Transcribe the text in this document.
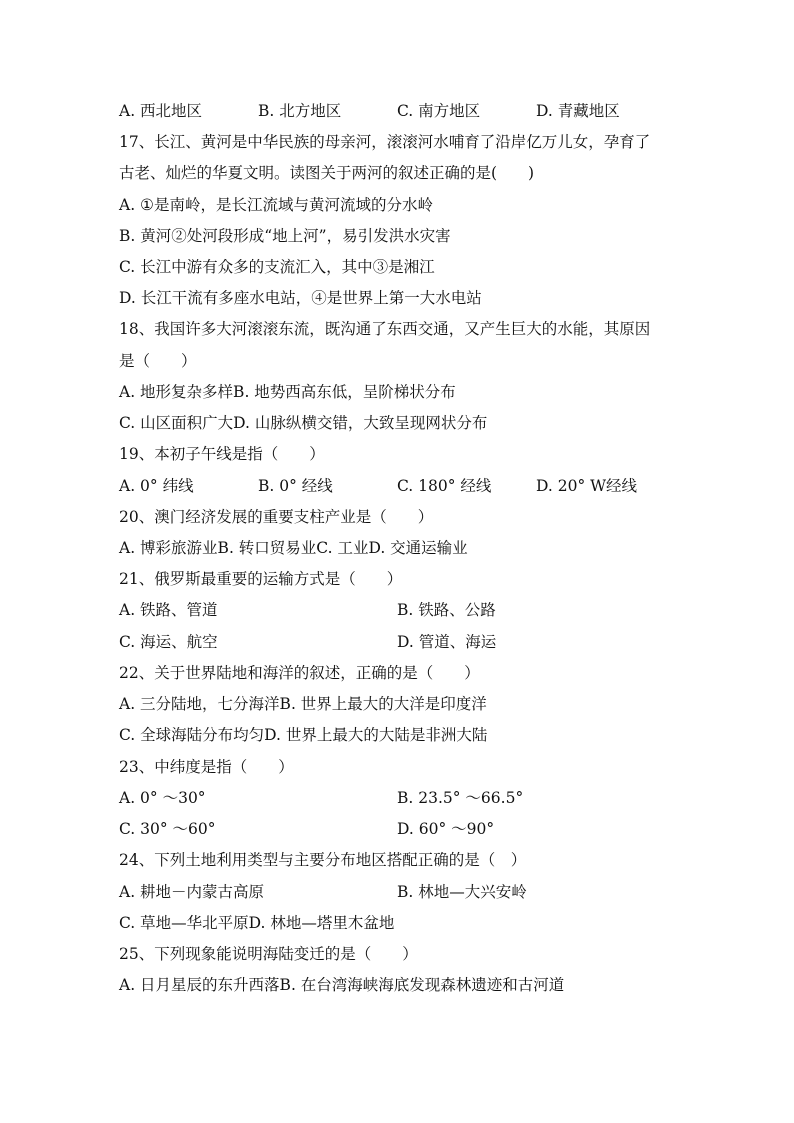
A. 西北地区	B. 北方地区	C. 南方地区	D. 青藏地区
17、长江、黄河是中华民族的母亲河，滚滚河水哺育了沿岸亿万儿女，孕育了
古老、灿烂的华夏文明。读图关于两河的叙述正确的是(　　)
A. ①是南岭，是长江流域与黄河流域的分水岭
B. 黄河②处河段形成“地上河”，易引发洪水灾害
C. 长江中游有众多的支流汇入，其中③是湘江
D. 长江干流有多座水电站，④是世界上第一大水电站
18、我国许多大河滚滚东流，既沟通了东西交通，又产生巨大的水能，其原因
是（　　）
A. 地形复杂多样B. 地势西高东低，呈阶梯状分布
C. 山区面积广大D. 山脉纵横交错，大致呈现网状分布
19、本初子午线是指（　　）
A. 0° 纬线	B. 0° 经线	C. 180° 经线	D. 20° W经线
20、澳门经济发展的重要支柱产业是（　　）
A. 博彩旅游业B. 转口贸易业C. 工业D. 交通运输业
21、俄罗斯最重要的运输方式是（　　）
A. 铁路、管道	B. 铁路、公路
C. 海运、航空	D. 管道、海运
22、关于世界陆地和海洋的叙述，正确的是（　　）
A. 三分陆地，七分海洋B. 世界上最大的大洋是印度洋
C. 全球海陆分布均匀D. 世界上最大的大陆是非洲大陆
23、中纬度是指（　　）
A. 0° ～30°	B. 23.5° ～66.5°
C. 30° ～60°	D. 60° ～90°
24、下列土地利用类型与主要分布地区搭配正确的是（　）
A. 耕地－内蒙古高原	B. 林地—大兴安岭
C. 草地—华北平原D. 林地—塔里木盆地
25、下列现象能说明海陆变迁的是（　　）
A. 日月星辰的东升西落B. 在台湾海峡海底发现森林遗迹和古河道
